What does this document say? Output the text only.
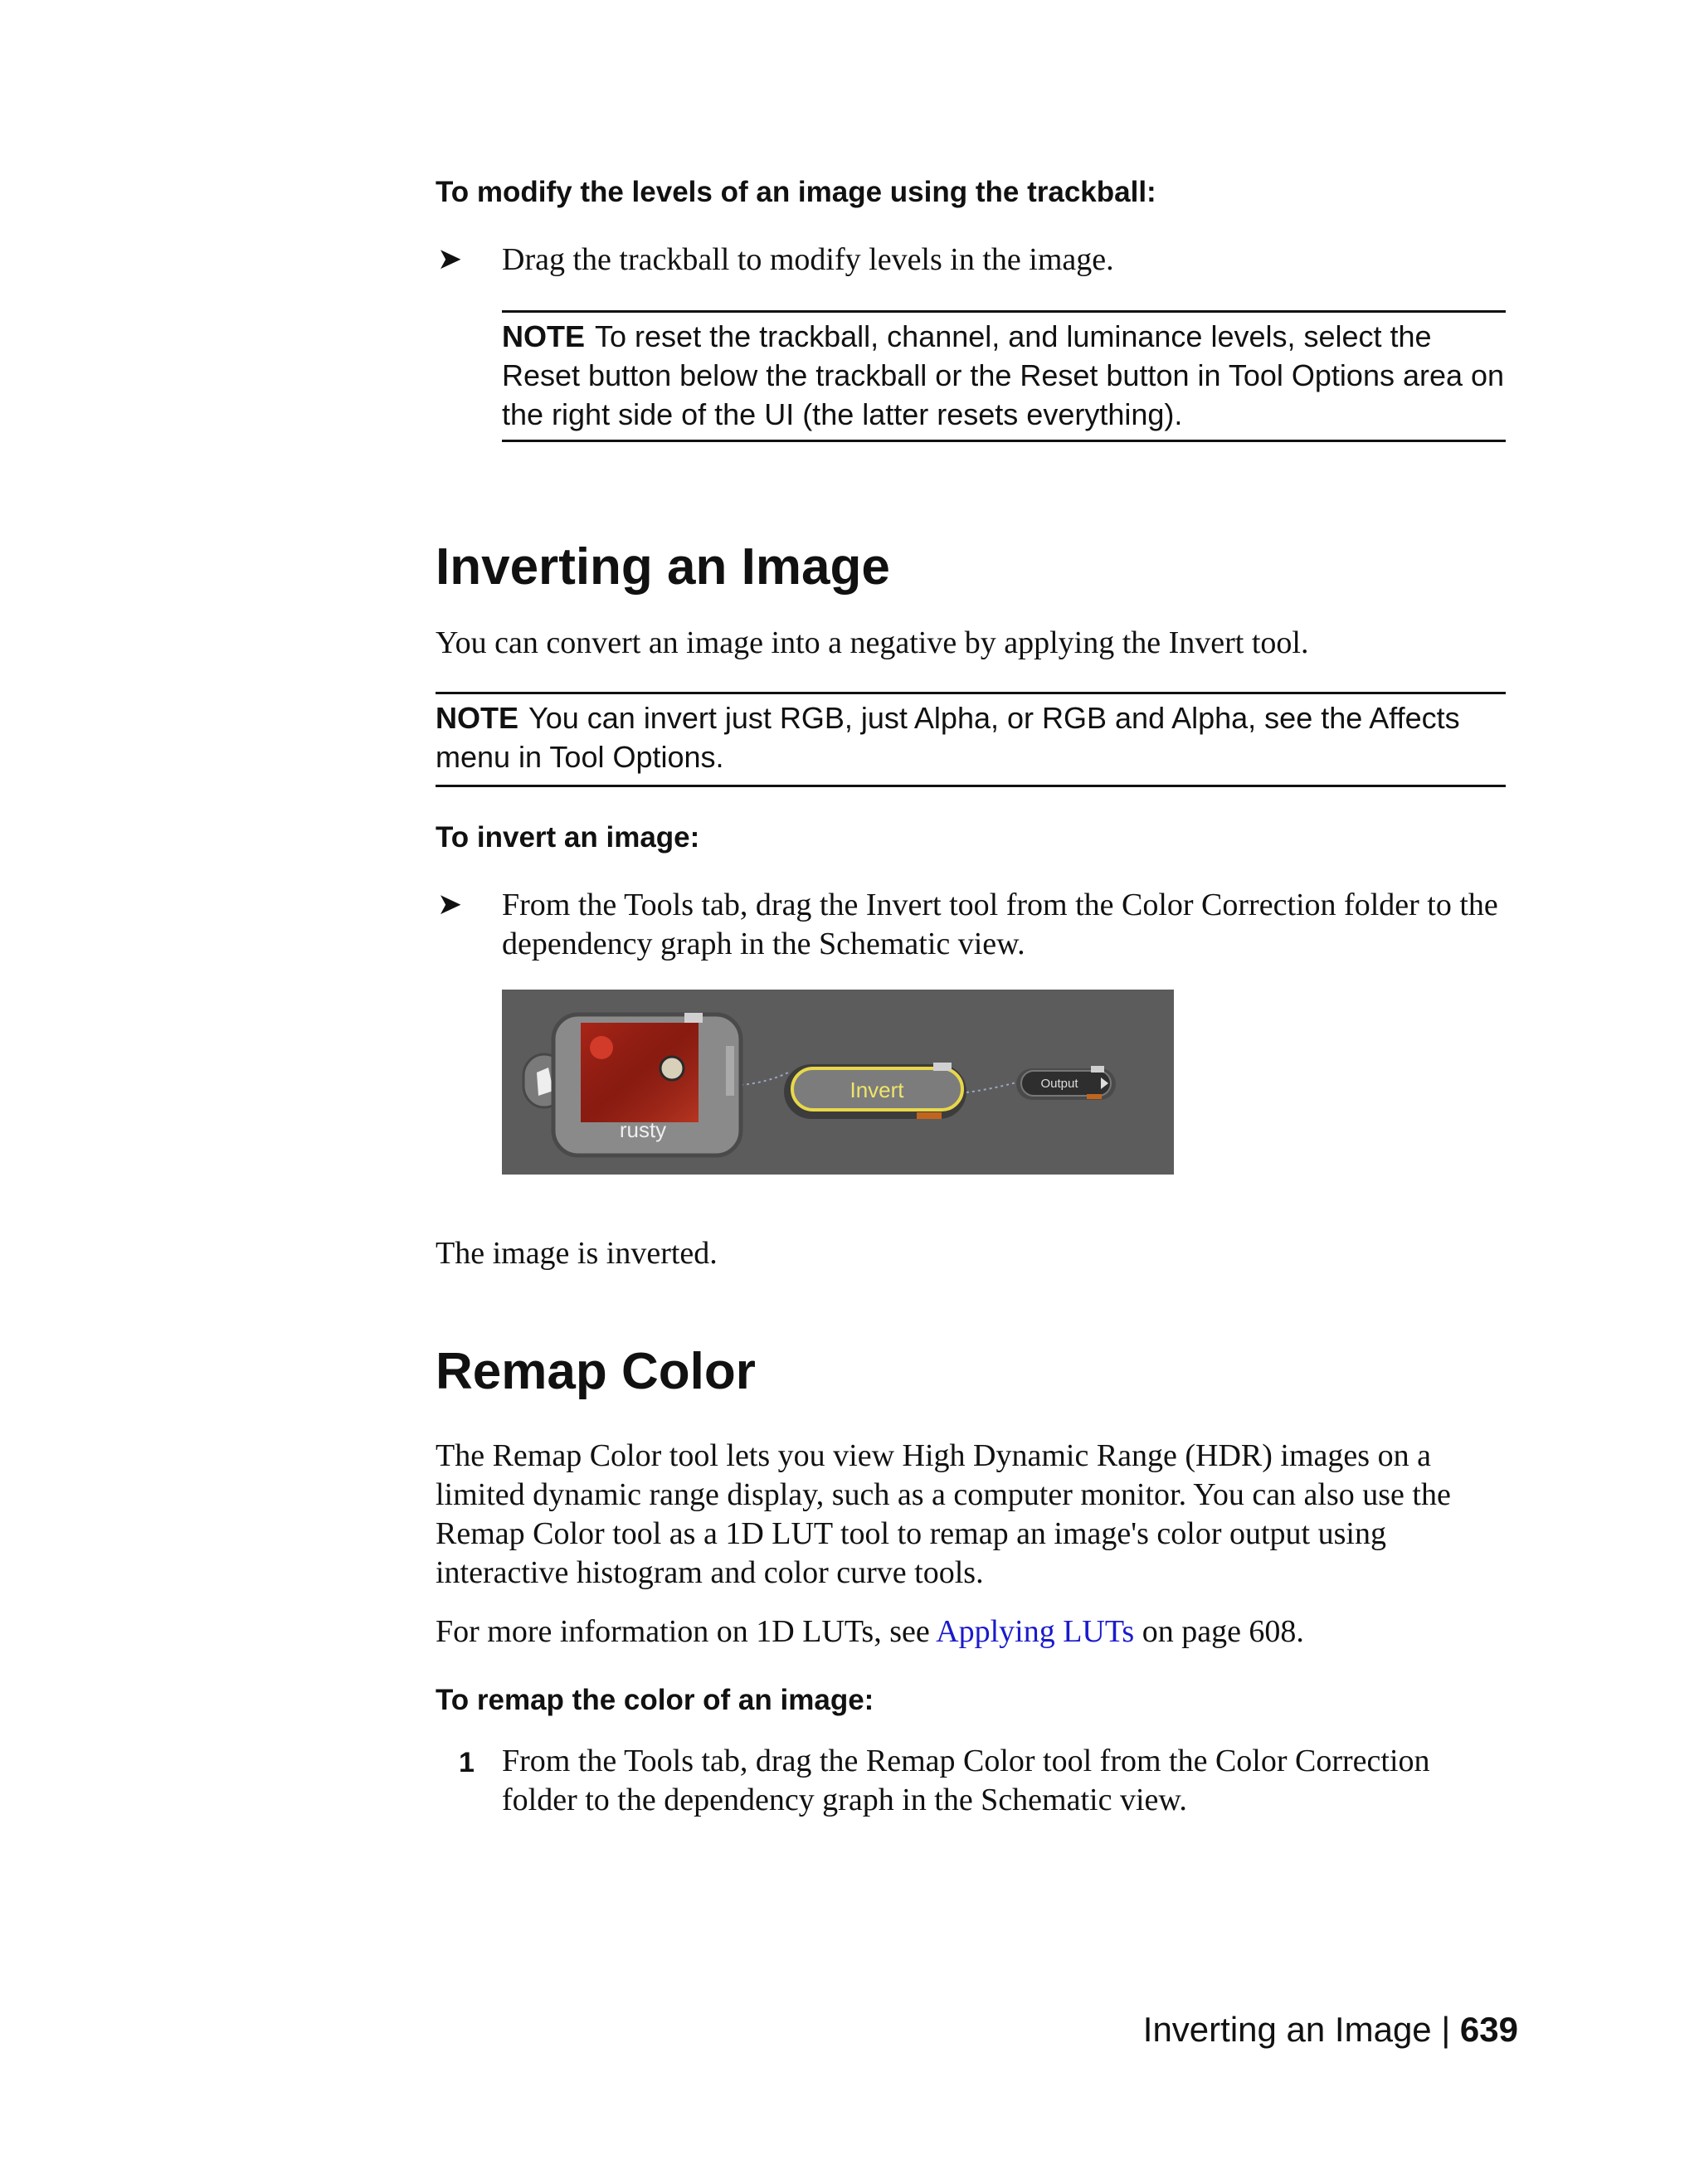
To modify the levels of an image using the trackball:
➤ Drag the trackball to modify levels in the image.
NOTE To reset the trackball, channel, and luminance levels, select the Reset button below the trackball or the Reset button in Tool Options area on the right side of the UI (the latter resets everything).
Inverting an Image
You can convert an image into a negative by applying the Invert tool.
NOTE You can invert just RGB, just Alpha, or RGB and Alpha, see the Affects menu in Tool Options.
To invert an image:
➤ From the Tools tab, drag the Invert tool from the Color Correction folder to the dependency graph in the Schematic view.
rusty
Invert	Output
The image is inverted.
Remap Color
The Remap Color tool lets you view High Dynamic Range (HDR) images on a limited dynamic range display, such as a computer monitor. You can also use the Remap Color tool as a 1D LUT tool to remap an image's color output using interactive histogram and color curve tools.
For more information on 1D LUTs, see Applying LUTs on page 608.
To remap the color of an image:
1 From the Tools tab, drag the Remap Color tool from the Color Correction folder to the dependency graph in the Schematic view.
Inverting an Image | 639
